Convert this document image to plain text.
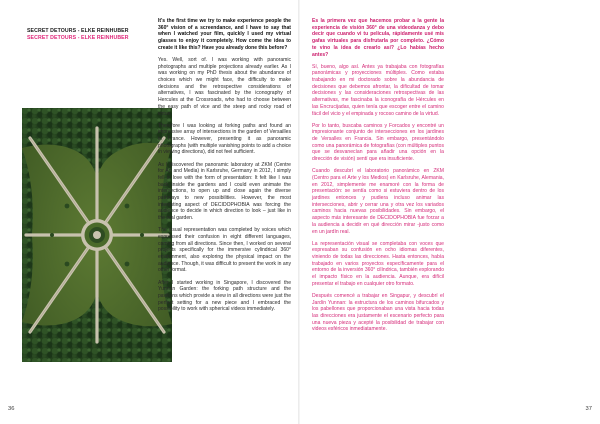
SECRET DETOURS - ELKE REINHUBER
SECRET DETOURS - ELKE REINHUBER
36

It's the first time we try to make experience people the 360° vision of a screendance, and I have to say that when I watched your film, quickly I used my virtual glasses to enjoy it completely. How come the idea to create it like this? Have you already done this before?

Yes. Well, sort of. I was working with panoramic photographs and multiple projections already earlier. As I was working on my PhD thesis about the abundance of choices which we might face, the difficulty to make decisions and the retrospective considerations of alternatives, I was fascinated by the iconography of Hercules at the Crossroads, who had to choose between the easy path of vice and the steep and rocky road of virtue.

Therefore I was looking at forking paths and found an impressive array of intersections in the garden of Versailles in France. However, presenting it as panoramic photographs (with multiple vanishing points to add a choice in viewing directions), did not feel sufficient.

As I discovered the panoramic laboratory at ZKM (Centre for Art and Media) in Karlsruhe, Germany in 2012, I simply fell in love with the form of presentation: It felt like I was back inside the gardens and I could even animate the intersections, to open up and close again the diverse pathways to new possibilities. However, the most interesting aspect of DECIDOPHOBIA was forcing the audience to decide in which direction to look – just like in the real garden.

The visual representation was completed by voices which expressed their confusion in eight different languages, coming from all directions. Since then, I worked on several projects specifically for the immersive cylindrical 360° environment, also exploring the physical impact on the audience. Though, it was difficult to present the work in any other format.

After I started working in Singapore, I discovered the Yunnan Garden: the forking path structure and the pavilions which provide a view in all directions were just the perfect setting for a new piece and I embraced the possibility to work with spherical videos immediately.

37

Es la primera vez que hacemos probar a la gente la experiencia de visión 360° de una videodanza y debo decir que cuando vi tu película, rápidamente usé mis gafas virtuales para disfrutarla por completo. ¿Cómo te vino la idea de crearlo así? ¿Lo habías hecho antes?

Sí, bueno, algo así. Antes ya trabajaba con fotografías panorámicas y proyecciones múltiples. Como estaba trabajando en mi doctorado sobre la abundancia de decisiones que debemos afrontar, la dificultad de tomar decisiones y las consideraciones retrospectivas de las alternativas, me fascinaba la iconografía de Hércules en las Encrucijadas, quien tenía que escoger entre el camino fácil del vicio y el empinada y rocoso camino de la virtud.

Por lo tanto, buscaba caminos y Forcados y encontré un impresionante conjunto de intersecciones en los jardines de Versalles en Francia. Sin embargo, presentándolo como una panorámica de fotografías (con múltiples puntos que se desvanecían para añadir una opción en la dirección de visión) sentí que era insuficiente.

Cuando descubrí el laboratorio panorámico en ZKM (Centro para el Arte y los Medios) en Karlsruhe, Alemania, en 2012, simplemente me enamoré con la forma de presentación: se sentía como si estuviera dentro de los jardines entonces y pudiera incluso animar las intersecciones, abrir y cerrar una y otra vez los variados caminos hacia nuevas posibilidades. Sin embargo, el aspecto más interesante de DECIDOPHOBIA fue forzar a la audiencia a decidir en qué dirección mirar -justo como en un jardín real.

La representación visual se completaba con voces que expresaban su confusión en ocho idiomas diferentes, viniendo de todas las direcciones. Hasta entonces, había trabajado en varios proyectos específicamente para el entorno de la inversión 360° cilíndrica, también explorando el impacto físico en la audiencia. Aunque, era difícil presentar el trabajo en cualquier otro formato.

Después comencé a trabajar en Singapur, y descubrí el Jardín Yunnan: la estructura de los caminos bifurcados y los pabellones que proporcionaban una vista hacia todas las direcciones era justamente el escenario perfecto para una nueva pieza y acepté la posibilidad de trabajar con videos esféricos inmediatamente.
